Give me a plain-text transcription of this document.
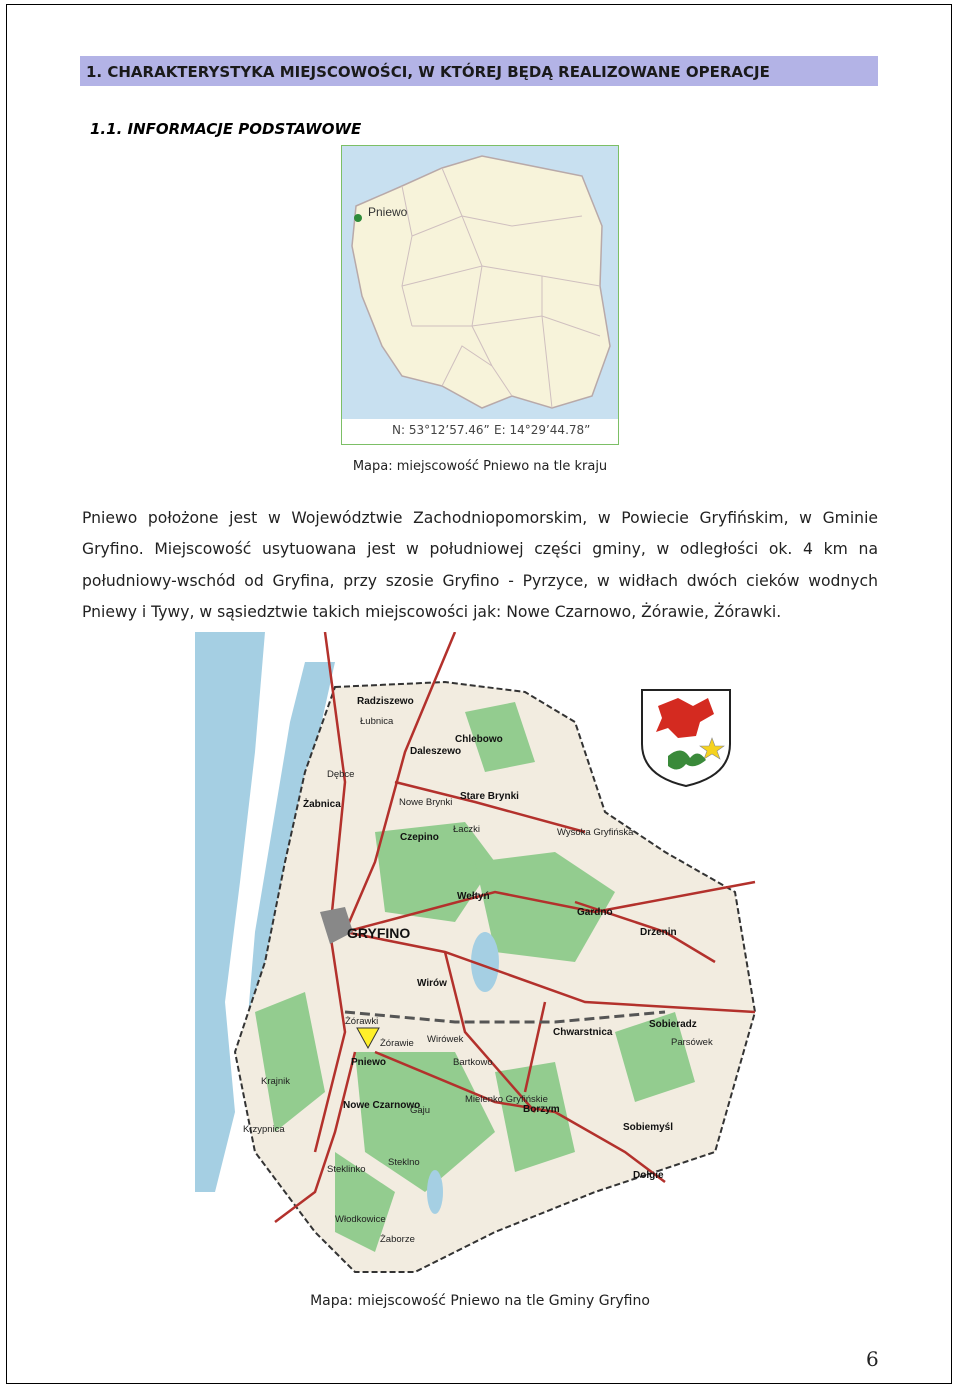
1. CHARAKTERYSTYKA MIEJSCOWOŚCI, W KTÓREJ BĘDĄ REALIZOWANE OPERACJE
1.1. INFORMACJE PODSTAWOWE
Pniewo
N: 53°12’57.46” E: 14°29’44.78”
Mapa: miejscowość Pniewo na tle kraju
Pniewo położone jest w Województwie Zachodniopomorskim, w Powiecie Gryfińskim, w Gminie
Gryfino. Miejscowość usytuowana jest w południowej części gminy, w odległości ok. 4 km na
południowy-wschód od Gryfina, przy szosie Gryfino - Pyrzyce, w widłach dwóch cieków wodnych
Pniewy i Tywy, w sąsiedztwie takich miejscowości jak: Nowe Czarnowo, Żórawie, Żórawki.
Radziszewo
Łubnica
Chlebowo
Daleszewo
Dębce
Żabnica	Nowe Brynki
Stare Brynki
Czepino
Łaczki	Wysoka Gryfińska
Wełtyń
Gardno
GRYFINO	Drzenin
Wirów
Żórawki
Żórawie Wirówek
Chwarstnica
Sobieradz
Parsówek
Pniewo	Bartkowo
Krajnik
Nowe Czarnowo
Mielenko Gryfińskie
Borzym
Krzypnica
Gaju
Sobiemyśl
Steklinko
Steklno
Dołgie
Włodkowice
Żaborze
Mapa: miejscowość Pniewo na tle Gminy Gryfino
6
